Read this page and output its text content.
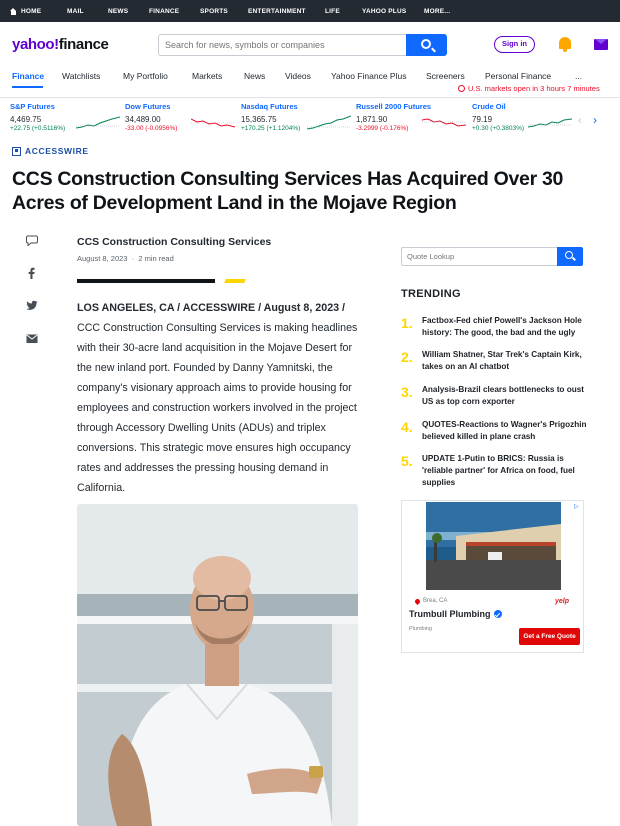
HOME	MAIL	NEWS	FINANCE	SPORTS	ENTERTAINMENT	LIFE	YAHOO PLUS	MORE...
yahoo!finance
Search for news, symbols or companies	Sign in
Finance Watchlists	My Portfolio	Markets	News Videos Yahoo Finance Plus Screeners Personal Finance	...
U.S. markets open in 3 hours 7 minutes
S&P Futures
4,469.75
+22.75 (+0.5116%)
Dow Futures
34,489.00
-33.00 (-0.0956%)
Nasdaq Futures
15,365.75
+170.25 (+1.1204%)
Russell 2000 Futures
1,871.90
-3.2999 (-0.176%)
Crude Oil
79.19
+0.30 (+0.3803%)
‹ ›
ACCESSWIRE
CCS Construction Consulting Services Has Acquired Over 30 Acres of Development Land in the Mojave Region
CCS Construction Consulting Services
August 8, 2023  ·  2 min read
LOS ANGELES, CA / ACCESSWIRE / August 8, 2023 / CCC Construction Consulting Services is making headlines with their 30-acre land acquisition in the Mojave Desert for the new inland port. Founded by Danny Yamnitski, the company's visionary approach aims to provide housing for employees and construction workers involved in the project through Accessory Dwelling Units (ADUs) and triplex conversions. This strategic move ensures high occupancy rates and addresses the pressing housing demand in California.
Quote Lookup
TRENDING
1. Factbox-Fed chief Powell's Jackson Hole history: The good, the bad and the ugly
2. William Shatner, Star Trek's Captain Kirk, takes on an AI chatbot
3. Analysis-Brazil clears bottlenecks to oust US as top corn exporter
4. QUOTES-Reactions to Wagner's Prigozhin believed killed in plane crash
5. UPDATE 1-Putin to BRICS: Russia is 'reliable partner' for Africa on food, fuel supplies
▷
Brea, CA	yelp
Trumbull Plumbing
Plumbing
Get a Free Quote
